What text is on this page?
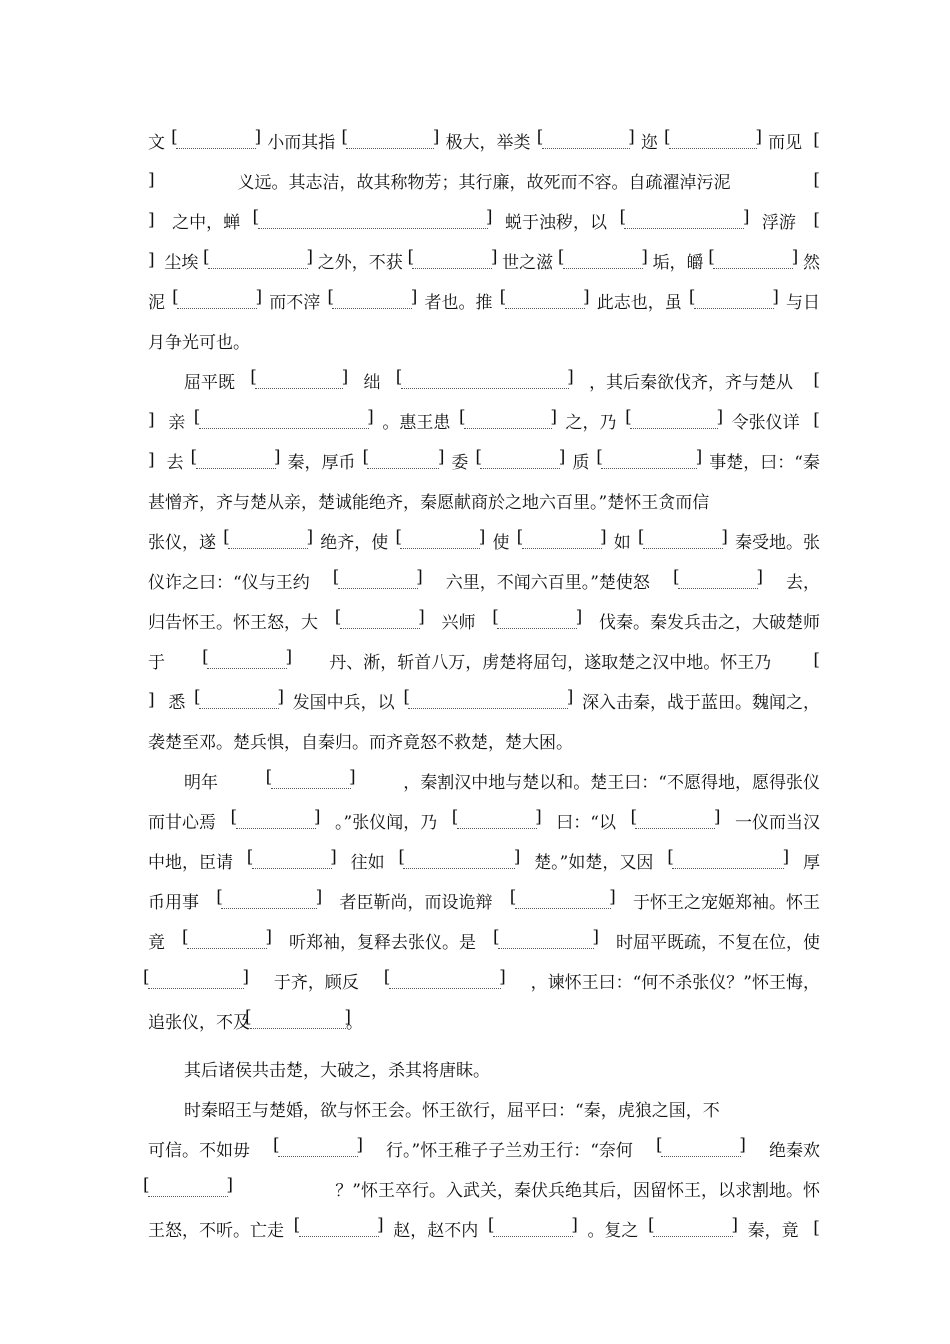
文 [ ]	小而其指 [ ]	极大，举类 [ ]	迩 [ ]	而见 [
]	义远。其志洁，故其称物芳；其行廉，故死而不容。自疏濯淖污泥	[
] 之中，蝉 [ ]	蜕于浊秽，以 [ ]	浮游 [
] 尘埃 [ ]	之外，不获 [ ]	世之滋 [ ]	垢，皭 [ ]	然
泥 [ ]	而不滓 [ ]	者也。推 [ ]	此志也，虽 [ ]	与日
月争光可也。
屈平既 [ ]	绌 [ ]	，其后秦欲伐齐，齐与楚从 [
] 亲 [ ]	。惠王患 [ ]	之，乃 [ ]	令张仪详 [
] 去 [ ]	秦，厚币 [ ]	委 [ ]	质 [ ]	事楚，曰：“秦
甚憎齐，齐与楚从亲，楚诚能绝齐，秦愿献商於之地六百里。”楚怀王贪而信
张仪，遂 [ ]	绝齐，使 [ ]	使 [ ]	如 [ ]	秦受地。张
仪诈之曰：“仪与王约 [ ]	六里，不闻六百里。”楚使怒 [ ]	去，
归告怀王。怀王怒，大 [ ]	兴师 [ ]	伐秦。秦发兵击之，大破楚师
于 [ ]	丹、淅，斩首八万，虏楚将屈匄，遂取楚之汉中地。怀王乃 [
] 悉 [ ]	发国中兵，以 [ ]	深入击秦，战于蓝田。魏闻之，
袭楚至邓。楚兵惧，自秦归。而齐竟怒不救楚，楚大困。
明年 [ ]	，秦割汉中地与楚以和。楚王曰：“不愿得地，愿得张仪
而甘心焉 [ ]	。”张仪闻，乃 [ ]	曰：“以 [ ]	一仪而当汉
中地，臣请 [ ]	往如 [ ]	楚。”如楚，又因 [ ]	厚
币用事 [ ]	者臣靳尚，而设诡辩 [ ]	于怀王之宠姬郑袖。怀王
竟 [ ]	听郑袖，复释去张仪。是 [ ]	时屈平既疏，不复在位，使
[ ]
于齐，顾反 [ ]	，谏怀王曰：“何不杀张仪？”怀王悔，
追张仪，不及 [ ]	。
其后诸侯共击楚，大破之，杀其将唐眜。
时秦昭王与楚婚，欲与怀王会。怀王欲行，屈平曰：“秦，虎狼之国，不
可信。不如毋 [ ]	行。”怀王稚子子兰劝王行：“奈何 [ ]	绝秦欢
[ ]
？”怀王卒行。入武关，秦伏兵绝其后，因留怀王，以求割地。怀
王怒，不听。亡走 [ ]	赵，赵不内 [ ]	。复之 [ ]	秦，竟 [
